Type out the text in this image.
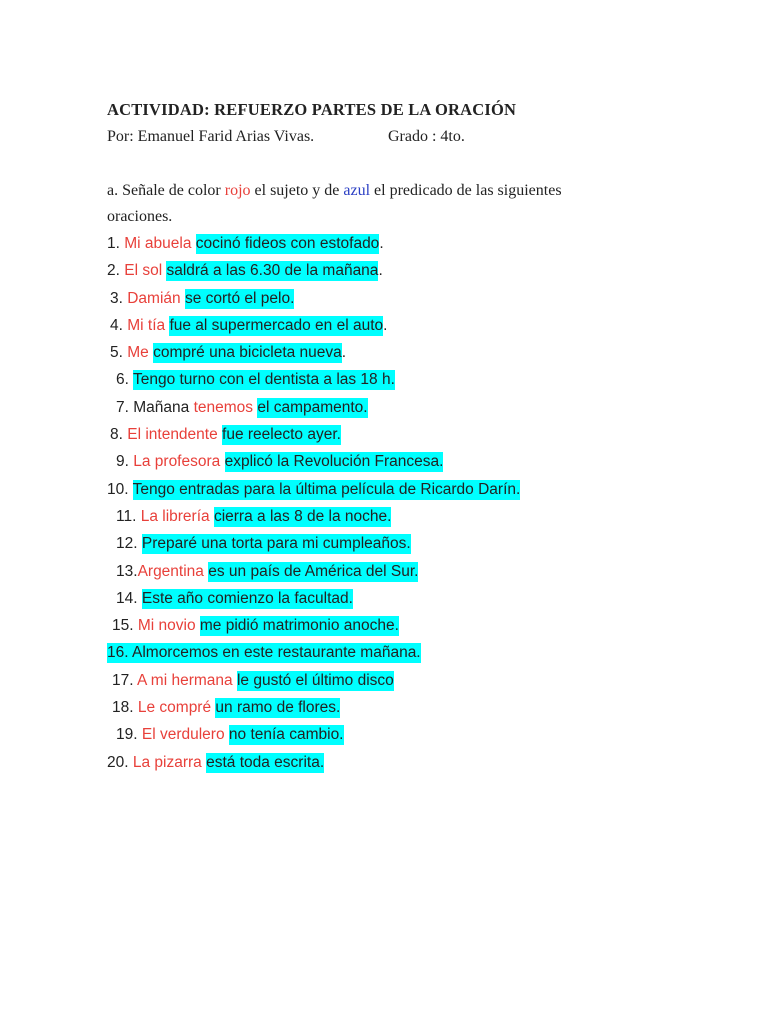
ACTIVIDAD: REFUERZO PARTES DE LA ORACIÓN
Por: Emanuel Farid Arias Vivas.	Grado : 4to.
a. Señale de color rojo el sujeto y de azul el predicado de las siguientes
oraciones.
1. Mi abuela cocinó fideos con estofado.
2. El sol saldrá a las 6.30 de la mañana.
3. Damián se cortó el pelo.
4. Mi tía fue al supermercado en el auto.
5. Me compré una bicicleta nueva.
6. Tengo turno con el dentista a las 18 h.
7. Mañana tenemos el campamento.
8. El intendente fue reelecto ayer.
9. La profesora explicó la Revolución Francesa.
10. Tengo entradas para la última película de Ricardo Darín.
11. La librería cierra a las 8 de la noche.
12. Preparé una torta para mi cumpleaños.
13.Argentina es un país de América del Sur.
14. Este año comienzo la facultad.
15. Mi novio me pidió matrimonio anoche.
16. Almorcemos en este restaurante mañana.
17. A mi hermana le gustó el último disco
18. Le compré un ramo de flores.
19. El verdulero no tenía cambio.
20. La pizarra está toda escrita.
